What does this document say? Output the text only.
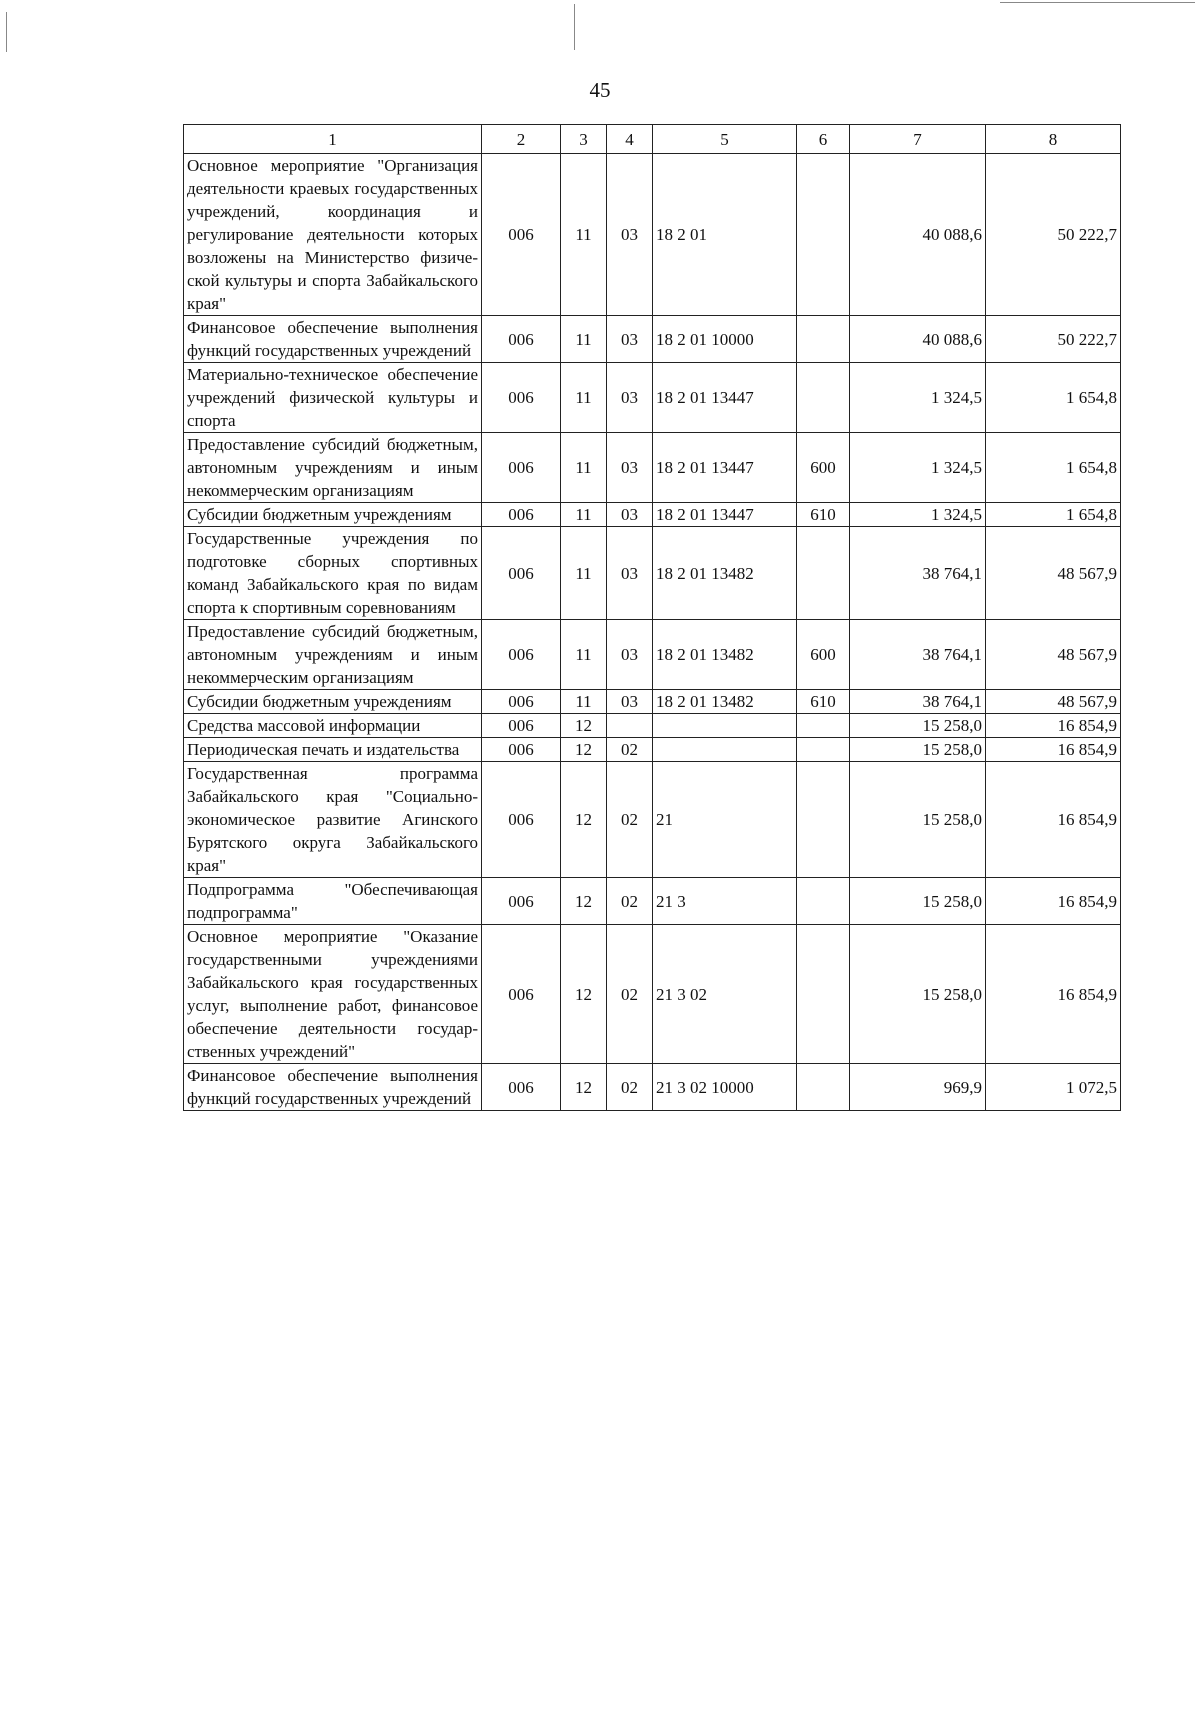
45
1	2	3	4	5	6	7	8
Основное мероприятие "Организация деятельности краевых государственных учреждений, координация и регулирование деятельности которых возложены на Министерство физической культуры и спорта Забайкальского края"	006	11	03	18 2 01		40 088,6	50 222,7
Финансовое обеспечение выполнения функций государственных учреждений	006	11	03	18 2 01 10000		40 088,6	50 222,7
Материально-техническое обеспечение учреждений физической культуры и спорта	006	11	03	18 2 01 13447		1 324,5	1 654,8
Предоставление субсидий бюджетным, автономным учреждениям и иным некоммерческим организациям	006	11	03	18 2 01 13447	600	1 324,5	1 654,8
Субсидии бюджетным учреждениям	006	11	03	18 2 01 13447	610	1 324,5	1 654,8
Государственные учреждения по подготовке сборных спортивных команд Забайкальского края по видам спорта к спортивным соревнованиям	006	11	03	18 2 01 13482		38 764,1	48 567,9
Предоставление субсидий бюджетным, автономным учреждениям и иным некоммерческим организациям	006	11	03	18 2 01 13482	600	38 764,1	48 567,9
Субсидии бюджетным учреждениям	006	11	03	18 2 01 13482	610	38 764,1	48 567,9
Средства массовой информации	006	12				15 258,0	16 854,9
Периодическая печать и издательства	006	12	02			15 258,0	16 854,9
Государственная программа Забайкальского края "Социально-экономическое развитие Агинского Бурятского округа Забайкальского края"	006	12	02	21		15 258,0	16 854,9
Подпрограмма "Обеспечивающая подпрограмма"	006	12	02	21 3		15 258,0	16 854,9
Основное мероприятие "Оказание государственными учреждениями Забайкальского края государственных услуг, выполнение работ, финансовое обеспечение деятельности государственных учреждений"	006	12	02	21 3 02		15 258,0	16 854,9
Финансовое обеспечение выполнения функций государственных учреждений	006	12	02	21 3 02 10000		969,9	1 072,5
